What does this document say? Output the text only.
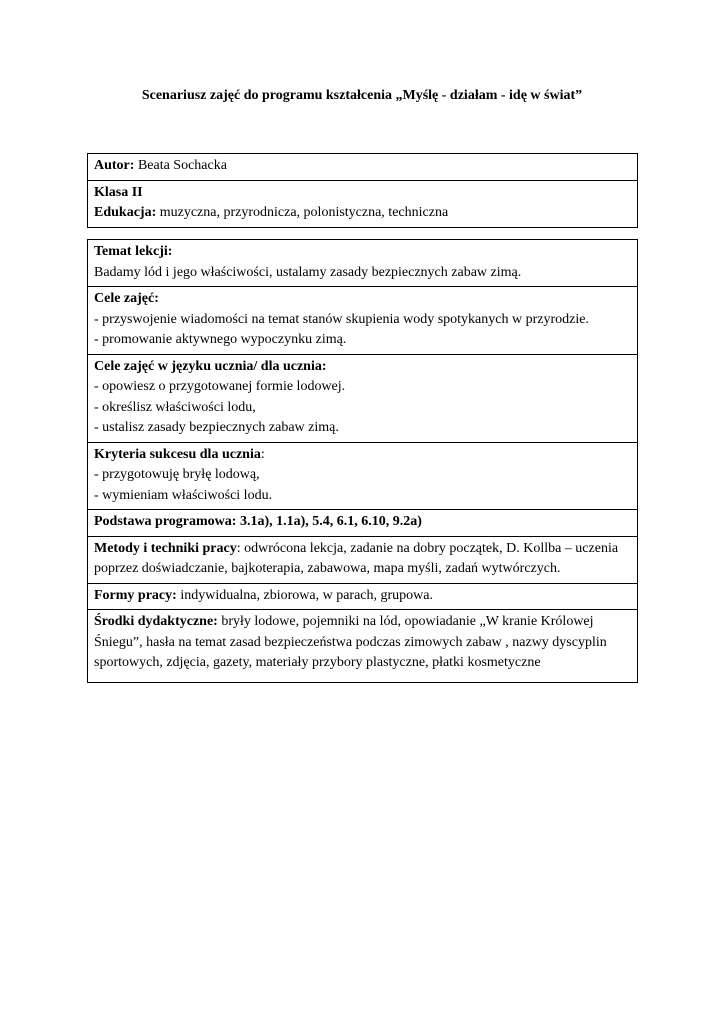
Scenariusz zajęć do programu kształcenia „Myślę - działam - idę w świat”
Autor: Beata Sochacka

Klasa II
Edukacja: muzyczna, przyrodnicza, polonistyczna, techniczna
Temat lekcji:
Badamy lód i jego właściwości, ustalamy zasady bezpiecznych zabaw zimą.

Cele zajęć:
- przyswojenie wiadomości na temat stanów skupienia wody spotykanych w przyrodzie.
- promowanie aktywnego wypoczynku zimą.

Cele zajęć w języku ucznia/ dla ucznia:
- opowiesz o przygotowanej formie lodowej.
- określisz właściwości lodu,
- ustalisz zasady bezpiecznych zabaw zimą.

Kryteria sukcesu dla ucznia:
- przygotowuję bryłę lodową,
- wymieniam właściwości lodu.

Podstawa programowa: 3.1a), 1.1a), 5.4, 6.1, 6.10, 9.2a)

Metody i techniki pracy: odwrócona lekcja, zadanie na dobry początek, D. Kollba – uczenia poprzez doświadczanie, bajkoterapia, zabawowa, mapa myśli, zadań wytwórczych.
Formy pracy: indywidualna, zbiorowa, w parach, grupowa.
Środki dydaktyczne: bryły lodowe, pojemniki na lód, opowiadanie „W kranie Królowej Śniegu”, hasła na temat zasad bezpieczeństwa podczas zimowych zabaw , nazwy dyscyplin sportowych, zdjęcia, gazety, materiały przybory plastyczne, płatki kosmetyczne
